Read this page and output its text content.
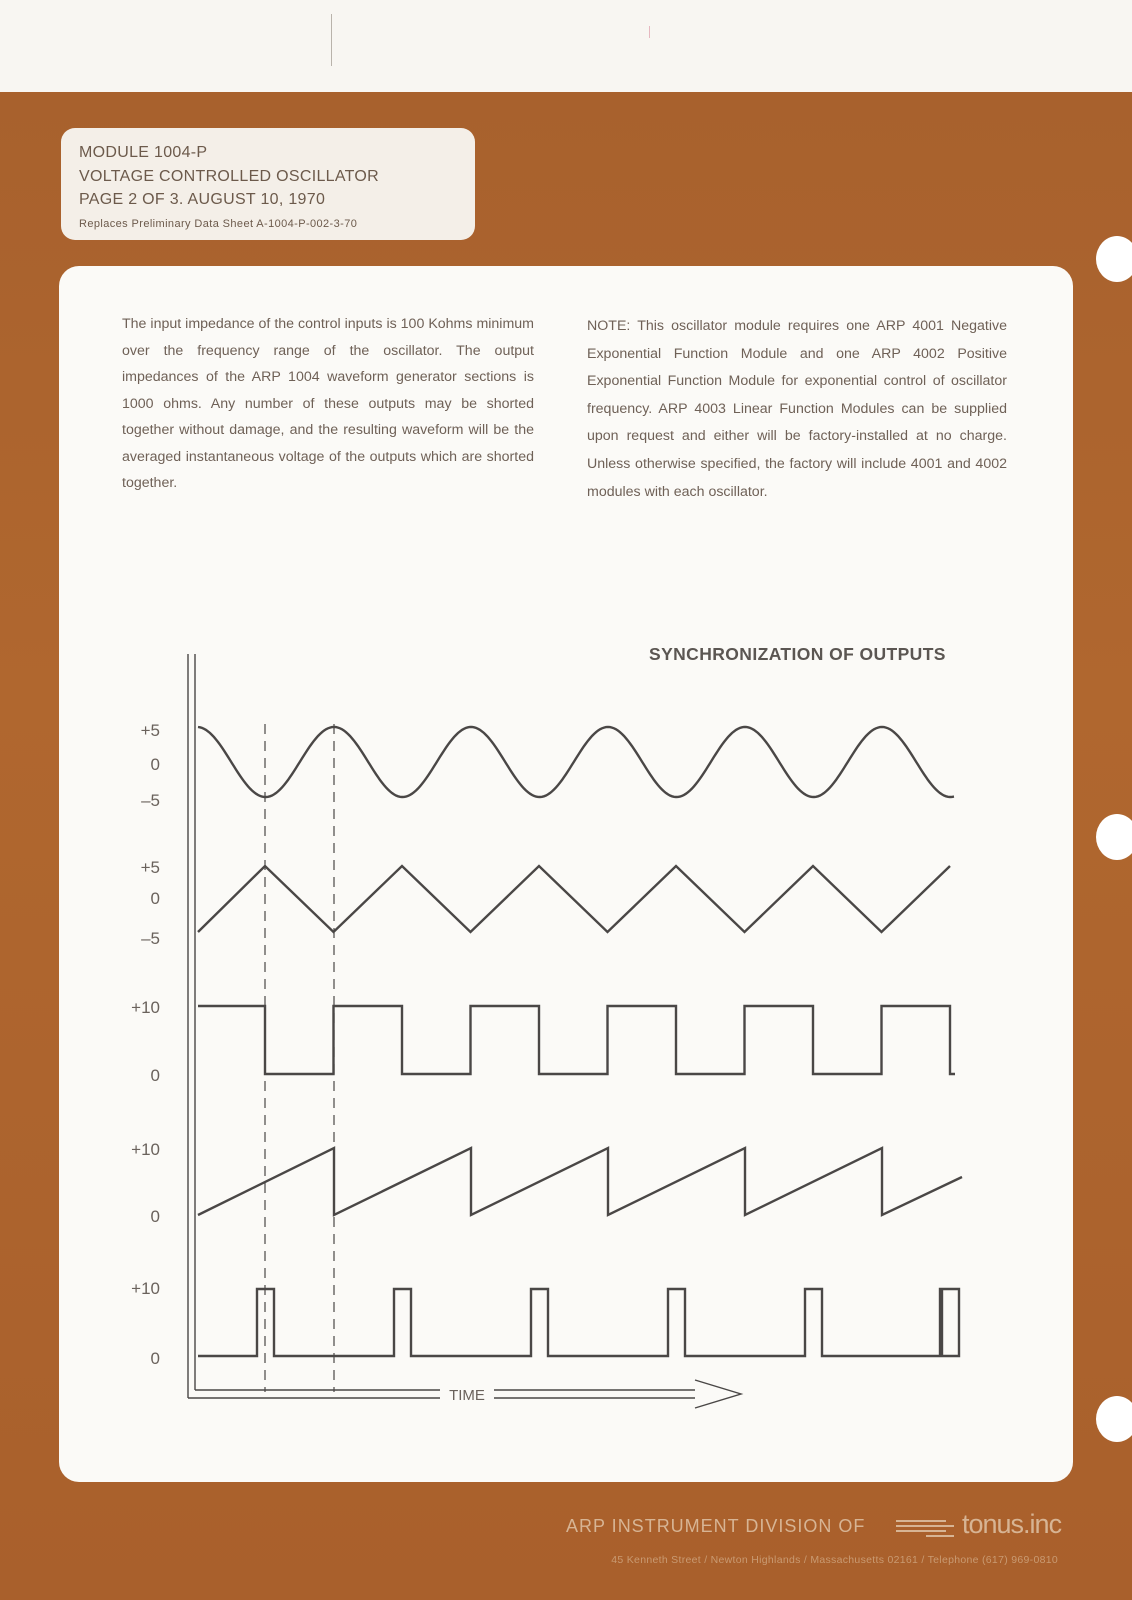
MODULE 1004-P
VOLTAGE CONTROLLED OSCILLATOR
PAGE 2 OF 3. AUGUST 10, 1970
Replaces Preliminary Data Sheet A-1004-P-002-3-70
The input impedance of the control inputs is 100 Kohms minimum over the frequency range of the oscillator. The output impedances of the ARP 1004 waveform generator sections is 1000 ohms. Any number of these outputs may be shorted together without damage, and the resulting waveform will be the averaged instantaneous voltage of the outputs which are shorted together.
NOTE: This oscillator module requires one ARP 4001 Negative Exponential Function Module and one ARP 4002 Positive Exponential Function Module for exponential control of oscillator frequency. ARP 4003 Linear Function Modules can be supplied upon request and either will be factory-installed at no charge. Unless otherwise specified, the factory will include 4001 and 4002 modules with each oscillator.
SYNCHRONIZATION OF OUTPUTS
TIME
+5
0
–5
+5
0
–5
+10
0
+10
0
+10
0
ARP INSTRUMENT DIVISION OF	tonus.inc
45 Kenneth Street / Newton Highlands / Massachusetts 02161 / Telephone (617) 969-0810
